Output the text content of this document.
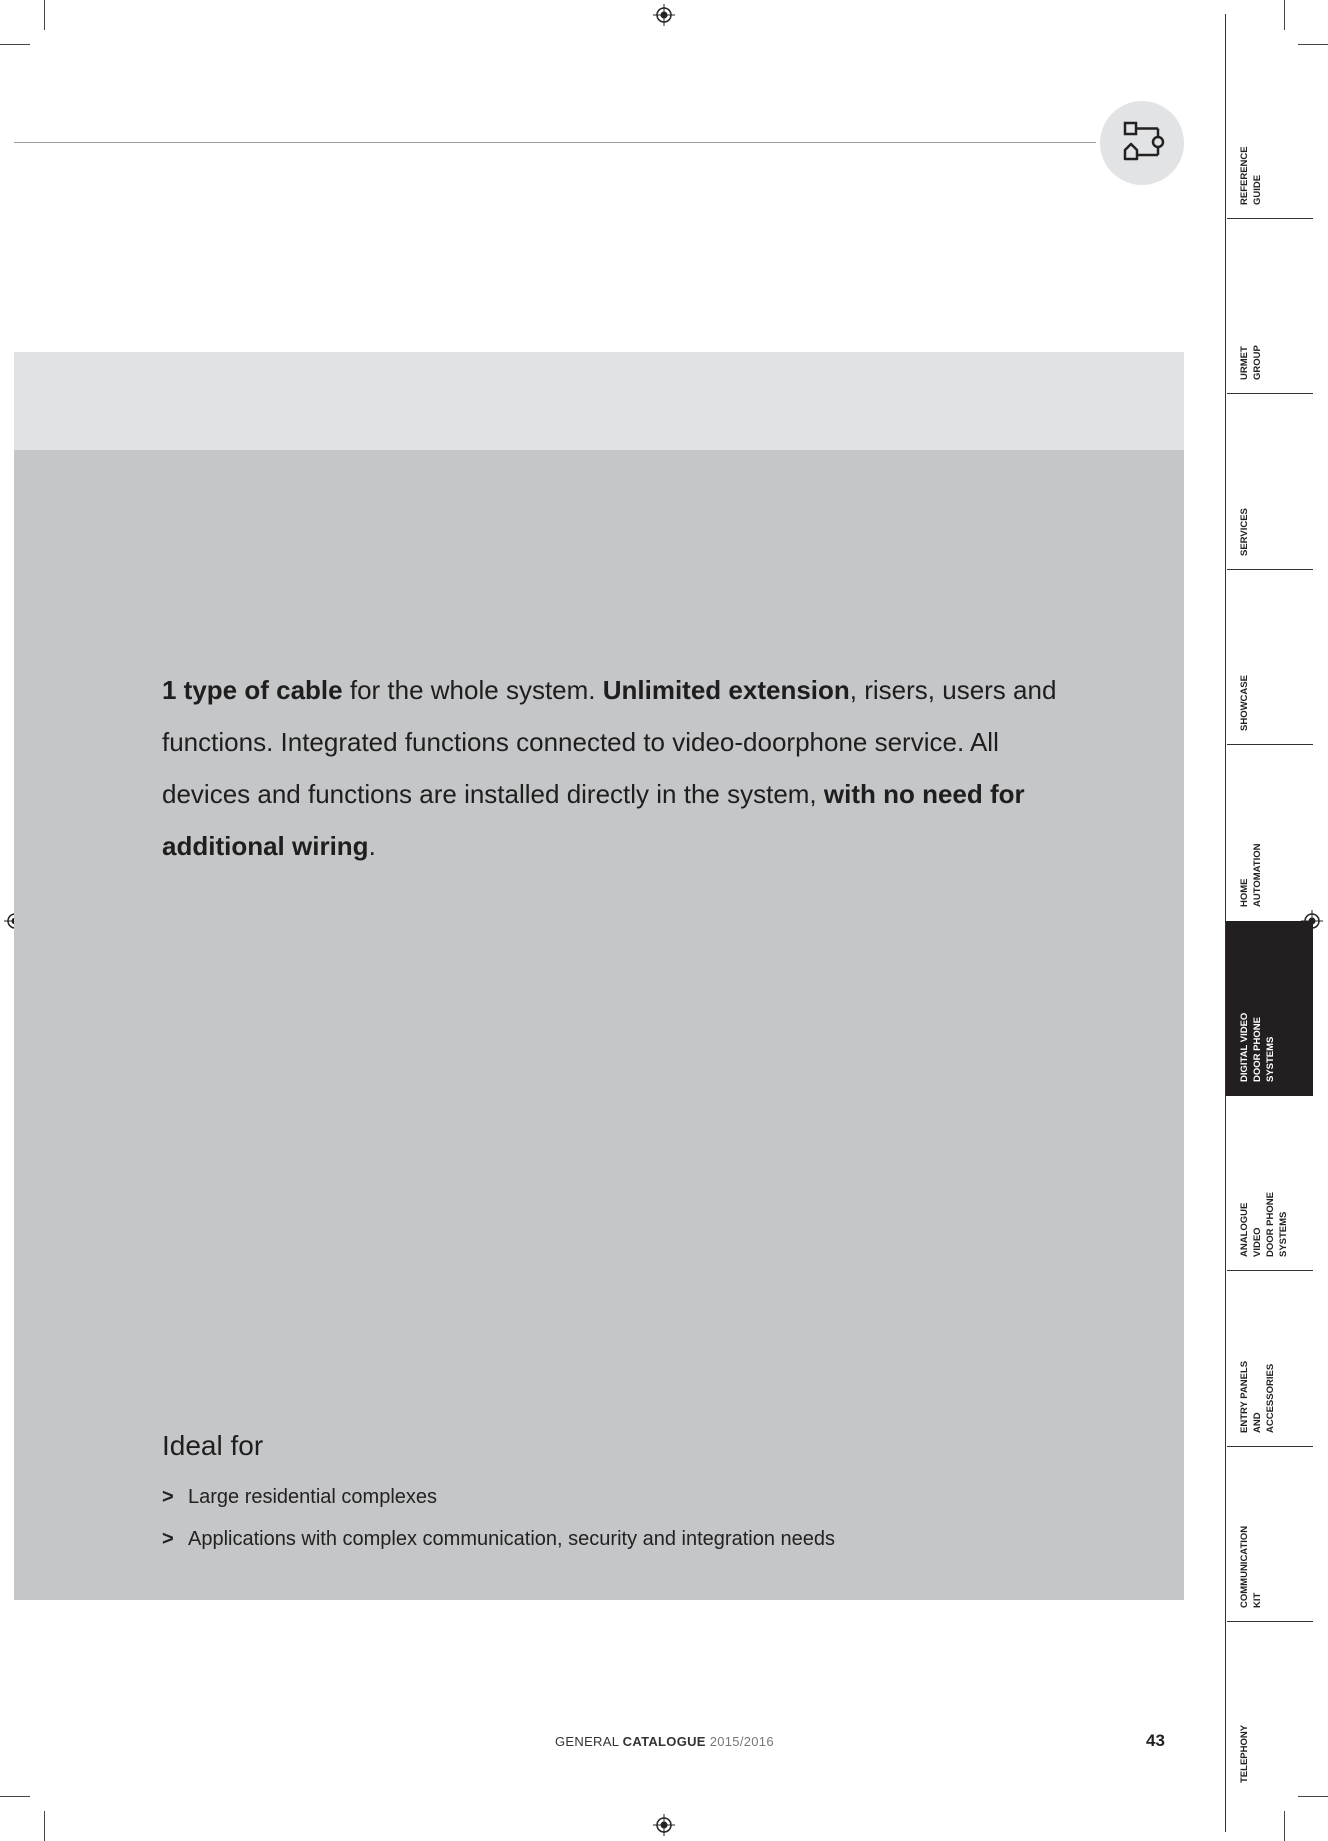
1 type of cable for the whole system. Unlimited extension, risers, users and functions. Integrated functions connected to video-doorphone service. All devices and functions are installed directly in the system, with no need for additional wiring.

Ideal for
> Large residential complexes
> Applications with complex communication, security and integration needs
GENERAL CATALOGUE 2015/2016	43
REFERENCE
GUIDE
URMET
GROUP
SERVICES
SHOWCASE
HOME
AUTOMATION
DIGITAL VIDEO
DOOR PHONE
SYSTEMS
ANALOGUE VIDEO
DOOR PHONE
SYSTEMS
ENTRY PANELS
AND ACCESSORIES
COMMUNICATION
KIT
TELEPHONY
